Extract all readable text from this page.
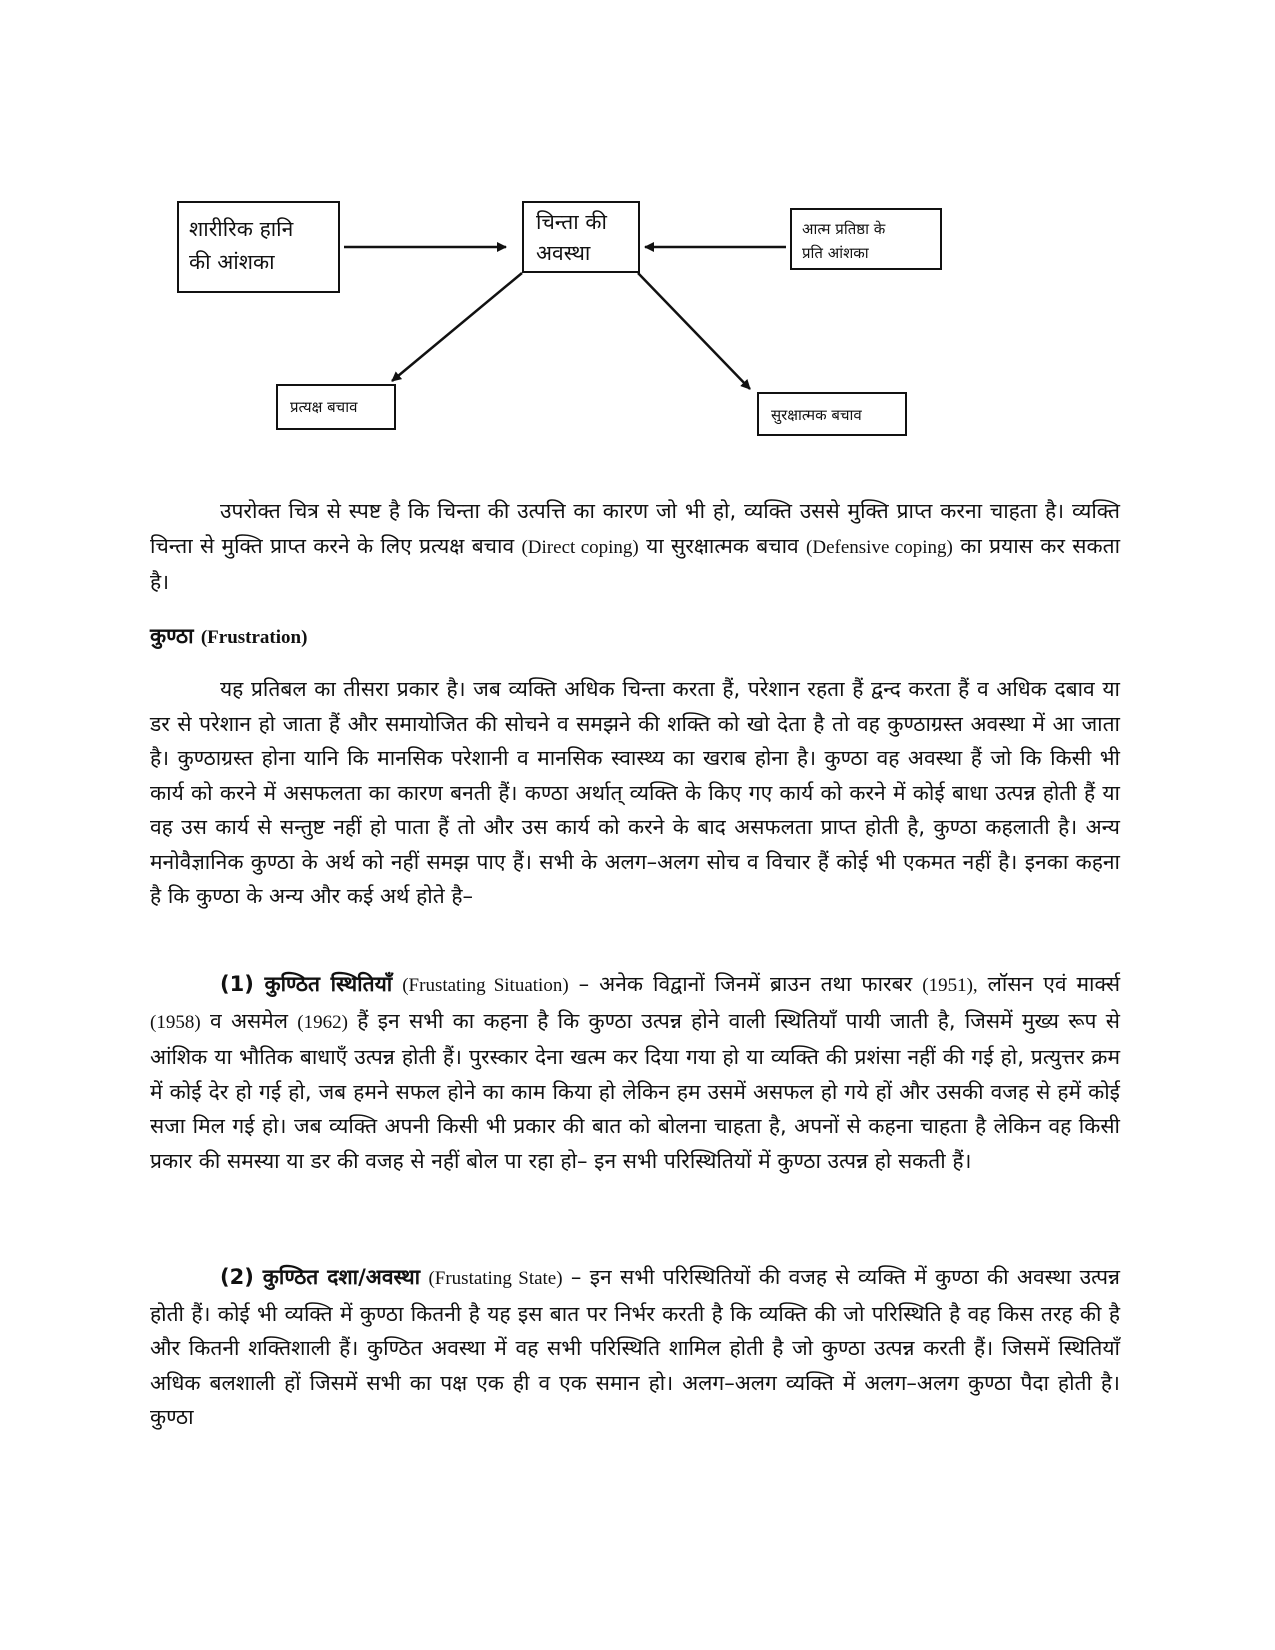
शारीरिक हानि
की आंशका
चिन्ता की
अवस्था
आत्म प्रतिष्ठा के
प्रति आंशका
प्रत्यक्ष बचाव	सुरक्षात्मक बचाव

उपरोक्त चित्र से स्पष्ट है कि चिन्ता की उत्पत्ति का कारण जो भी हो, व्यक्ति उससे मुक्ति प्राप्त करना चाहता है। व्यक्ति चिन्ता से मुक्ति प्राप्त करने के लिए प्रत्यक्ष बचाव (Direct coping) या सुरक्षात्मक बचाव (Defensive coping) का प्रयास कर सकता है।

कुण्ठा (Frustration)

यह प्रतिबल का तीसरा प्रकार है। जब व्यक्ति अधिक चिन्ता करता हैं, परेशान रहता हैं द्वन्द करता हैं व अधिक दबाव या डर से परेशान हो जाता हैं और समायोजित की सोचने व समझने की शक्ति को खो देता है तो वह कुण्ठाग्रस्त अवस्था में आ जाता है। कुण्ठाग्रस्त होना यानि कि मानसिक परेशानी व मानसिक स्वास्थ्य का खराब होना है। कुण्ठा वह अवस्था हैं जो कि किसी भी कार्य को करने में असफलता का कारण बनती हैं। कण्ठा अर्थात् व्यक्ति के किए गए कार्य को करने में कोई बाधा उत्पन्न होती हैं या वह उस कार्य से सन्तुष्ट नहीं हो पाता हैं तो और उस कार्य को करने के बाद असफलता प्राप्त होती है, कुण्ठा कहलाती है। अन्य मनोवैज्ञानिक कुण्ठा के अर्थ को नहीं समझ पाए हैं। सभी के अलग–अलग सोच व विचार हैं कोई भी एकमत नहीं है। इनका कहना है कि कुण्ठा के अन्य और कई अर्थ होते है–

(1) कुण्ठित स्थितियाँ (Frustating Situation) – अनेक विद्वानों जिनमें ब्राउन तथा फारबर (1951), लॉसन एवं मार्क्स (1958) व असमेल (1962) हैं इन सभी का कहना है कि कुण्ठा उत्पन्न होने वाली स्थितियाँ पायी जाती है, जिसमें मुख्य रूप से आंशिक या भौतिक बाधाएँ उत्पन्न होती हैं। पुरस्कार देना खत्म कर दिया गया हो या व्यक्ति की प्रशंसा नहीं की गई हो, प्रत्युत्तर क्रम में कोई देर हो गई हो, जब हमने सफल होने का काम किया हो लेकिन हम उसमें असफल हो गये हों और उसकी वजह से हमें कोई सजा मिल गई हो। जब व्यक्ति अपनी किसी भी प्रकार की बात को बोलना चाहता है, अपनों से कहना चाहता है लेकिन वह किसी प्रकार की समस्या या डर की वजह से नहीं बोल पा रहा हो– इन सभी परिस्थितियों में कुण्ठा उत्पन्न हो सकती हैं।

(2) कुण्ठित दशा/अवस्था (Frustating State) – इन सभी परिस्थितियों की वजह से व्यक्ति में कुण्ठा की अवस्था उत्पन्न होती हैं। कोई भी व्यक्ति में कुण्ठा कितनी है यह इस बात पर निर्भर करती है कि व्यक्ति की जो परिस्थिति है वह किस तरह की है और कितनी शक्तिशाली हैं। कुण्ठित अवस्था में वह सभी परिस्थिति शामिल होती है जो कुण्ठा उत्पन्न करती हैं। जिसमें स्थितियाँ अधिक बलशाली हों जिसमें सभी का पक्ष एक ही व एक समान हो। अलग–अलग व्यक्ति में अलग–अलग कुण्ठा पैदा होती है। कुण्ठा
